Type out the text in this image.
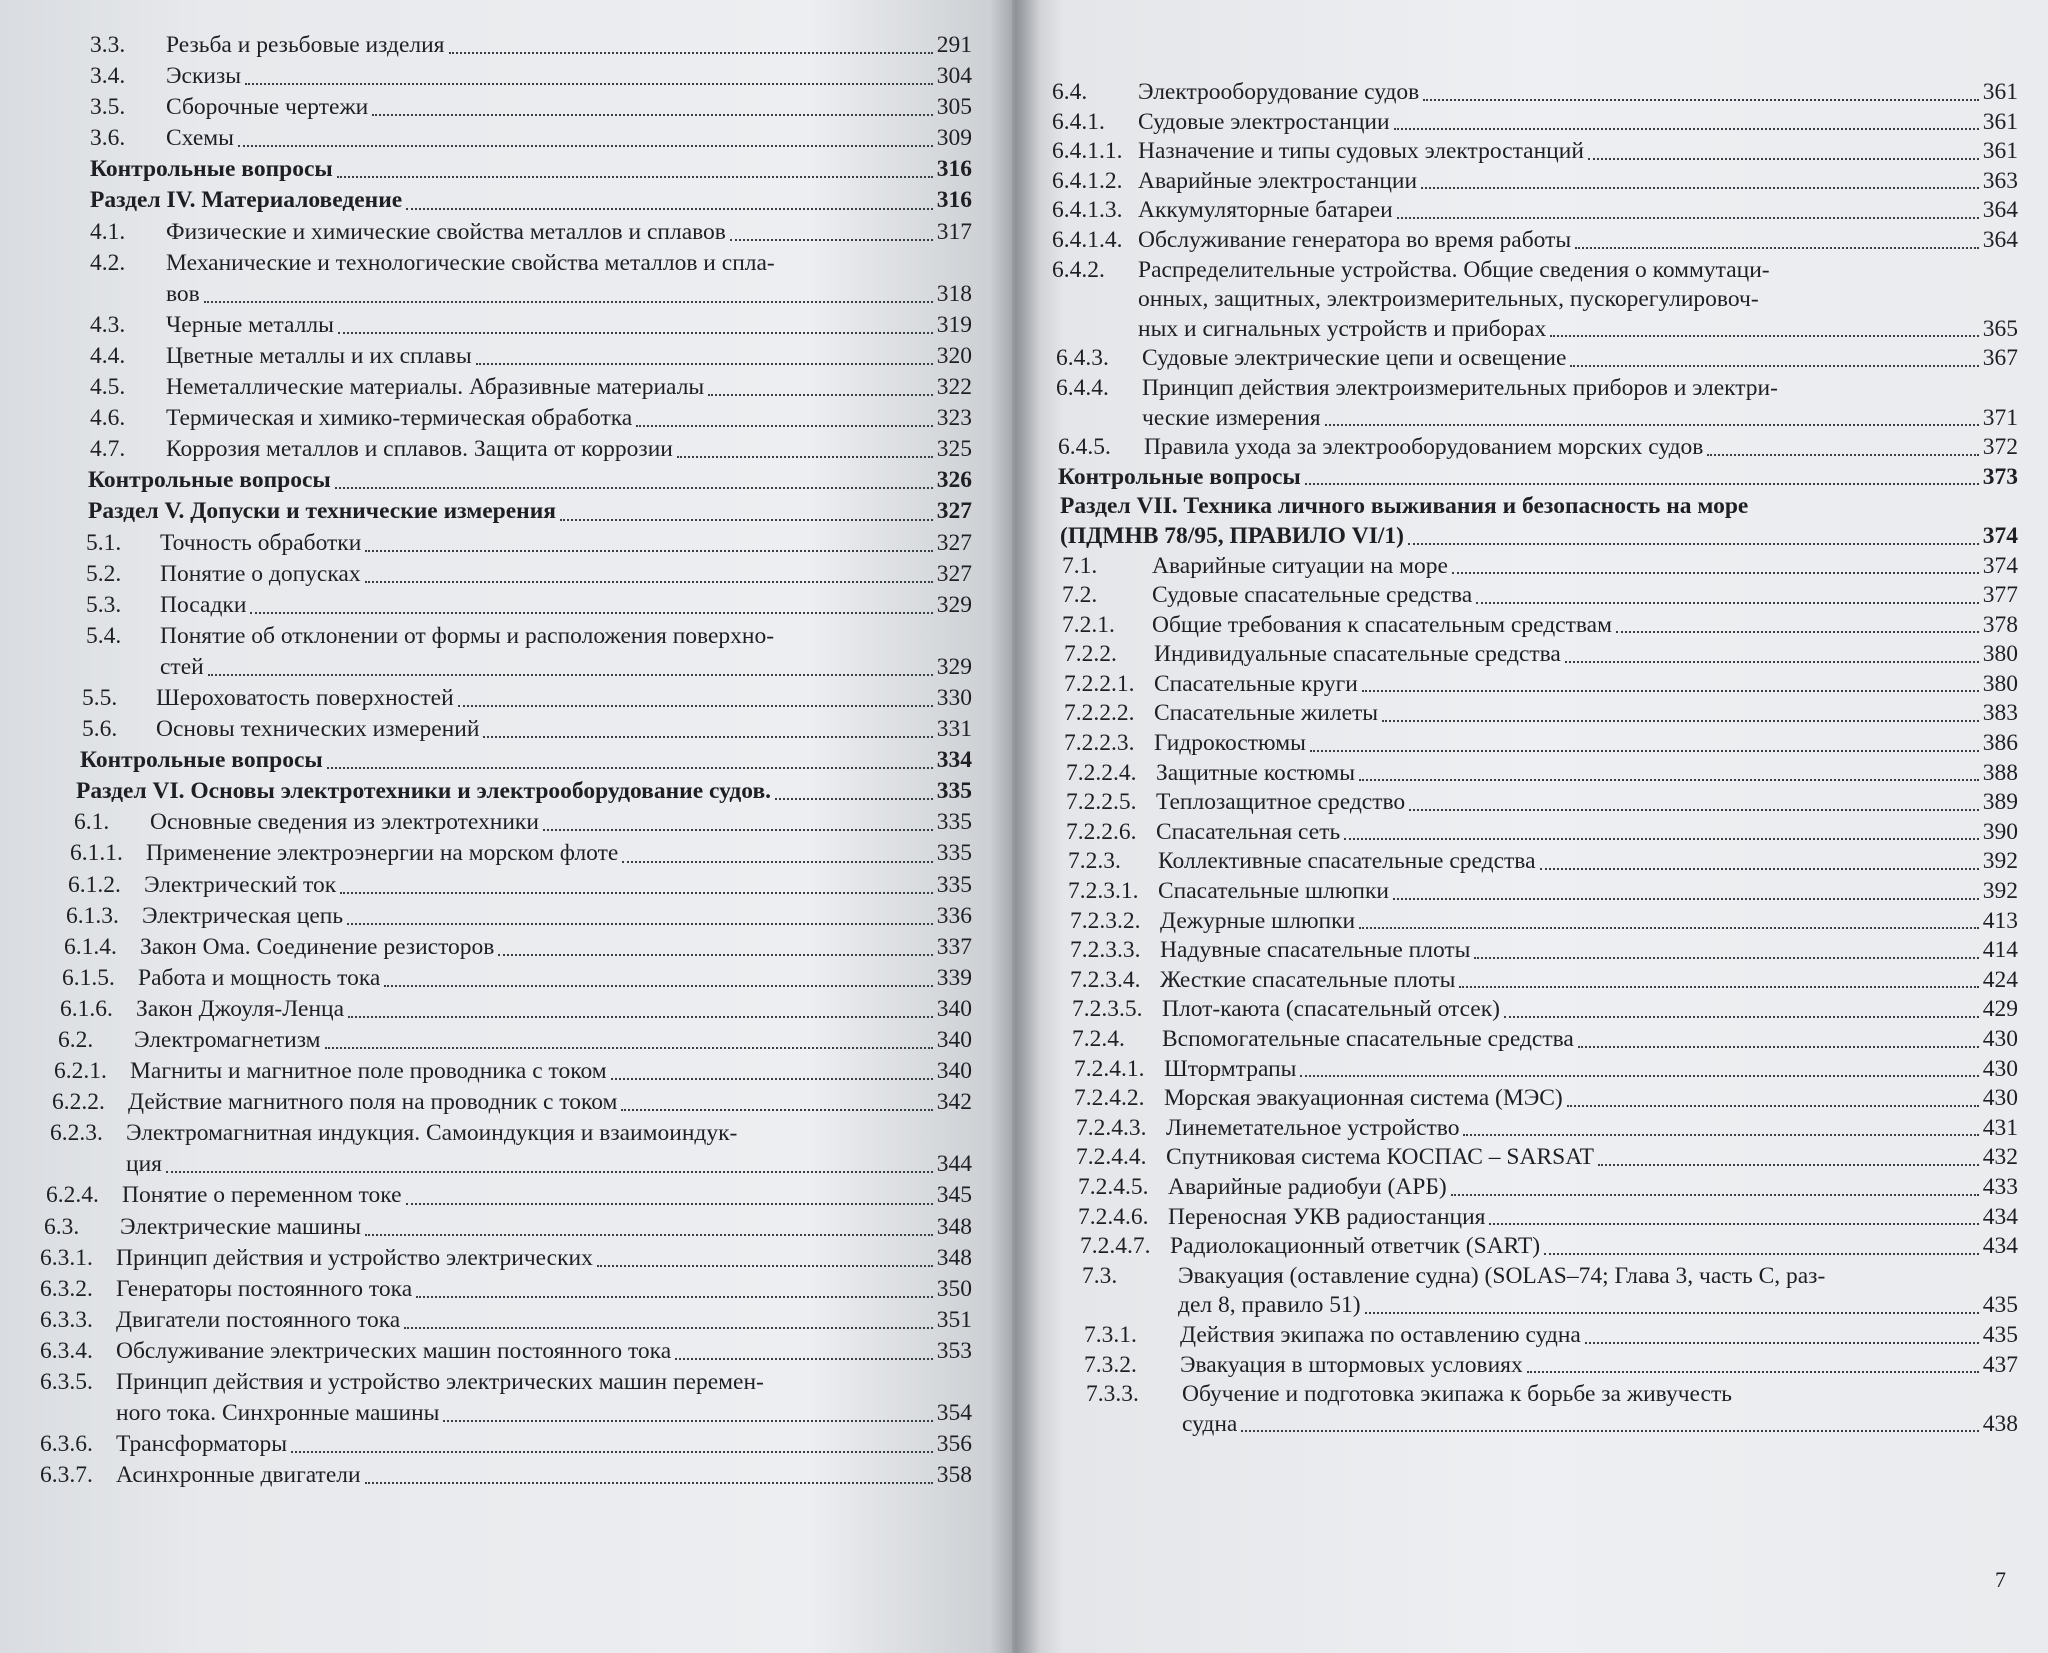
3.3.	Резьба и резьбовые изделия	291
3.4.	Эскизы	304
3.5.	Сборочные чертежи	305
3.6.	Схемы	309
Контрольные вопросы	316
Раздел IV. Материаловедение	316
4.1.	Физические и химические свойства металлов и сплавов	317
4.2.	Механические и технологические свойства металлов и спла-
вов	318
4.3.	Черные металлы	319
4.4.	Цветные металлы и их сплавы	320
4.5.	Неметаллические материалы. Абразивные материалы	322
4.6.	Термическая и химико-термическая обработка	323
4.7.	Коррозия металлов и сплавов. Защита от коррозии	325
Контрольные вопросы	326
Раздел V. Допуски и технические измерения	327
5.1.	Точность обработки	327
5.2.	Понятие о допусках	327
5.3.	Посадки	329
5.4.	Понятие об отклонении от формы и расположения поверхно-
стей	329
5.5.	Шероховатость поверхностей	330
5.6.	Основы технических измерений	331
Контрольные вопросы	334
Раздел VI. Основы электротехники и электрооборудование судов.	335
6.1.	Основные сведения из электротехники	335
6.1.1. Применение электроэнергии на морском флоте	335
6.1.2. Электрический ток	335
6.1.3. Электрическая цепь	336
6.1.4. Закон Ома. Соединение резисторов	337
6.1.5. Работа и мощность тока	339
6.1.6. Закон Джоуля-Ленца	340
6.2.	Электромагнетизм	340
6.2.1. Магниты и магнитное поле проводника с током	340
6.2.2. Действие магнитного поля на проводник с током	342
6.2.3. Электромагнитная индукция. Самоиндукция и взаимоиндук-
ция	344
6.2.4. Понятие о переменном токе	345
6.3.	Электрические машины	348
6.3.1. Принцип действия и устройство электрических	348
6.3.2. Генераторы постоянного тока	350
6.3.3. Двигатели постоянного тока	351
6.3.4. Обслуживание электрических машин постоянного тока	353
6.3.5. Принцип действия и устройство электрических машин перемен-
ного тока. Синхронные машины	354
6.3.6. Трансформаторы	356
6.3.7. Асинхронные двигатели	358
6.4.	Электрооборудование судов	361
6.4.1.	Судовые электростанции	361
6.4.1.1. Назначение и типы судовых электростанций	361
6.4.1.2. Аварийные электростанции	363
6.4.1.3. Аккумуляторные батареи	364
6.4.1.4. Обслуживание генератора во время работы	364
6.4.2.	Распределительные устройства. Общие сведения о коммутаци-
онных, защитных, электроизмерительных, пускорегулировоч-
ных и сигнальных устройств и приборах	365
6.4.3.	Судовые электрические цепи и освещение	367
6.4.4.	Принцип действия электроизмерительных приборов и электри-
ческие измерения	371
6.4.5.	Правила ухода за электрооборудованием морских судов	372
Контрольные вопросы	373
Раздел VII. Техника личного выживания и безопасность на море
(ПДМНВ 78/95, ПРАВИЛО VI/1)	374
7.1.	Аварийные ситуации на море	374
7.2.	Судовые спасательные средства	377
7.2.1.	Общие требования к спасательным средствам	378
7.2.2.	Индивидуальные спасательные средства	380
7.2.2.1. Спасательные круги	380
7.2.2.2. Спасательные жилеты	383
7.2.2.3. Гидрокостюмы	386
7.2.2.4. Защитные костюмы	388
7.2.2.5. Теплозащитное средство	389
7.2.2.6. Спасательная сеть	390
7.2.3.	Коллективные спасательные средства	392
7.2.3.1. Спасательные шлюпки	392
7.2.3.2. Дежурные шлюпки	413
7.2.3.3. Надувные спасательные плоты	414
7.2.3.4. Жесткие спасательные плоты	424
7.2.3.5. Плот-каюта (спасательный отсек)	429
7.2.4.	Вспомогательные спасательные средства	430
7.2.4.1. Штормтрапы	430
7.2.4.2. Морская эвакуационная система (МЭС)	430
7.2.4.3. Линеметательное устройство	431
7.2.4.4. Спутниковая система КОСПАС – SARSAT	432
7.2.4.5. Аварийные радиобуи (АРБ)	433
7.2.4.6. Переносная УКВ радиостанция	434
7.2.4.7. Радиолокационный ответчик (SART)	434
7.3.	Эвакуация (оставление судна) (SOLAS–74; Глава 3, часть C, раз-
дел 8, правило 51)	435
7.3.1.	Действия экипажа по оставлению судна	435
7.3.2.	Эвакуация в штормовых условиях	437
7.3.3.	Обучение и подготовка экипажа к борьбе за живучесть
судна	438
7
